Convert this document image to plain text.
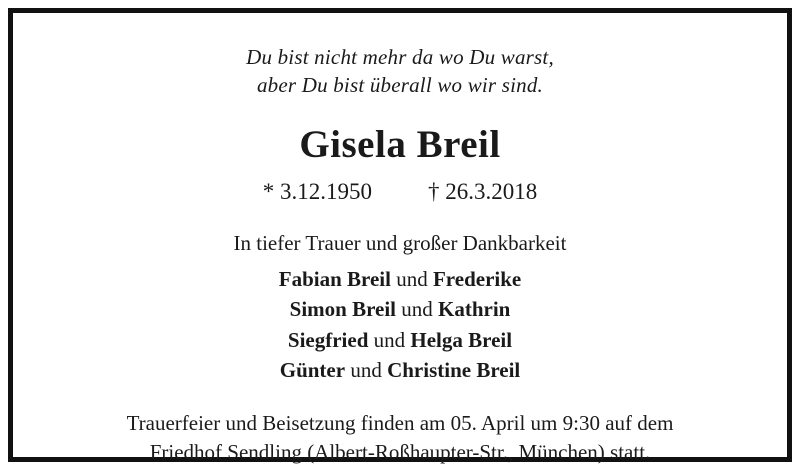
Du bist nicht mehr da wo Du warst,
aber Du bist überall wo wir sind.
Gisela Breil
* 3.12.1950 † 26.3.2018
In tiefer Trauer und großer Dankbarkeit
Fabian Breil und Frederike
Simon Breil und Kathrin
Siegfried und Helga Breil
Günter und Christine Breil
Trauerfeier und Beisetzung finden am 05. April um 9:30 auf dem
Friedhof Sendling (Albert-Roßhaupter-Str., München) statt.
